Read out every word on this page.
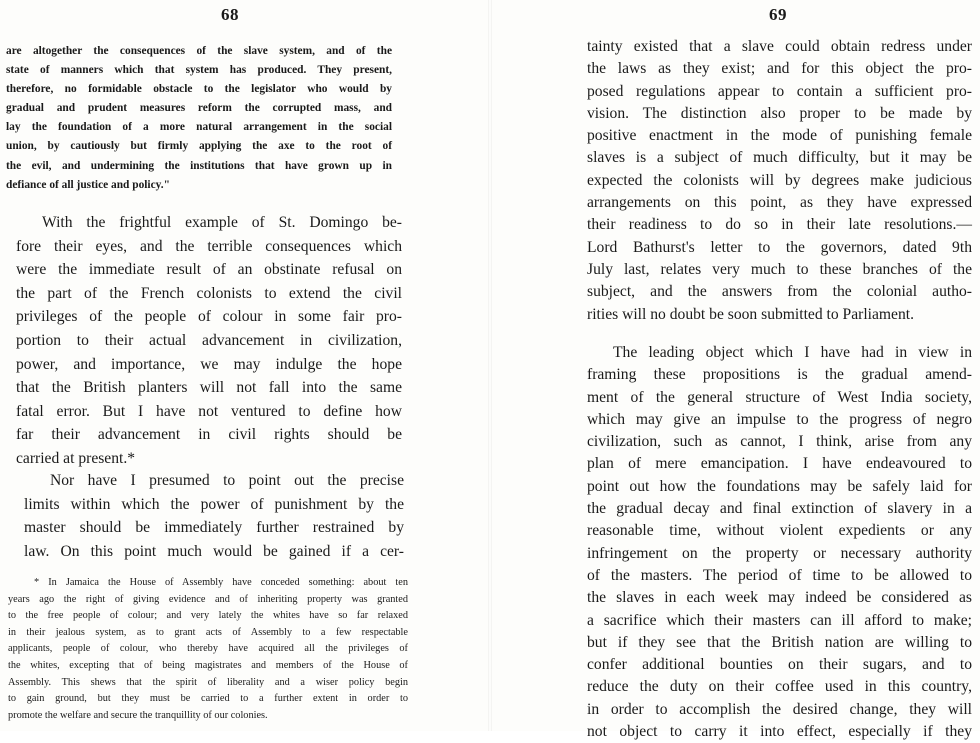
68
are altogether the consequences of the slave system, and of the
state of manners which that system has produced. They present,
therefore, no formidable obstacle to the legislator who would by
gradual and prudent measures reform the corrupted mass, and
lay the foundation of a more natural arrangement in the social
union, by cautiously but firmly applying the axe to the root of
the evil, and undermining the institutions that have grown up in
defiance of all justice and policy."
With the frightful example of St. Domingo be-
fore their eyes, and the terrible consequences which
were the immediate result of an obstinate refusal on
the part of the French colonists to extend the civil
privileges of the people of colour in some fair pro-
portion to their actual advancement in civilization,
power, and importance, we may indulge the hope
that the British planters will not fall into the same
fatal error. But I have not ventured to define how
far their advancement in civil rights should be
carried at present.*
Nor have I presumed to point out the precise
limits within which the power of punishment by the
master should be immediately further restrained by
law. On this point much would be gained if a cer-
* In Jamaica the House of Assembly have conceded something: about ten
years ago the right of giving evidence and of inheriting property was granted
to the free people of colour; and very lately the whites have so far relaxed
in their jealous system, as to grant acts of Assembly to a few respectable
applicants, people of colour, who thereby have acquired all the privileges of
the whites, excepting that of being magistrates and members of the House of
Assembly. This shews that the spirit of liberality and a wiser policy begin
to gain ground, but they must be carried to a further extent in order to
promote the welfare and secure the tranquillity of our colonies.
69
tainty existed that a slave could obtain redress under
the laws as they exist; and for this object the pro-
posed regulations appear to contain a sufficient pro-
vision. The distinction also proper to be made by
positive enactment in the mode of punishing female
slaves is a subject of much difficulty, but it may be
expected the colonists will by degrees make judicious
arrangements on this point, as they have expressed
their readiness to do so in their late resolutions.—
Lord Bathurst's letter to the governors, dated 9th
July last, relates very much to these branches of the
subject, and the answers from the colonial autho-
rities will no doubt be soon submitted to Parliament.
The leading object which I have had in view in
framing these propositions is the gradual amend-
ment of the general structure of West India society,
which may give an impulse to the progress of negro
civilization, such as cannot, I think, arise from any
plan of mere emancipation. I have endeavoured to
point out how the foundations may be safely laid for
the gradual decay and final extinction of slavery in a
reasonable time, without violent expedients or any
infringement on the property or necessary authority
of the masters. The period of time to be allowed to
the slaves in each week may indeed be considered as
a sacrifice which their masters can ill afford to make;
but if they see that the British nation are willing to
confer additional bounties on their sugars, and to
reduce the duty on their coffee used in this country,
in order to accomplish the desired change, they will
not object to carry it into effect, especially if they
